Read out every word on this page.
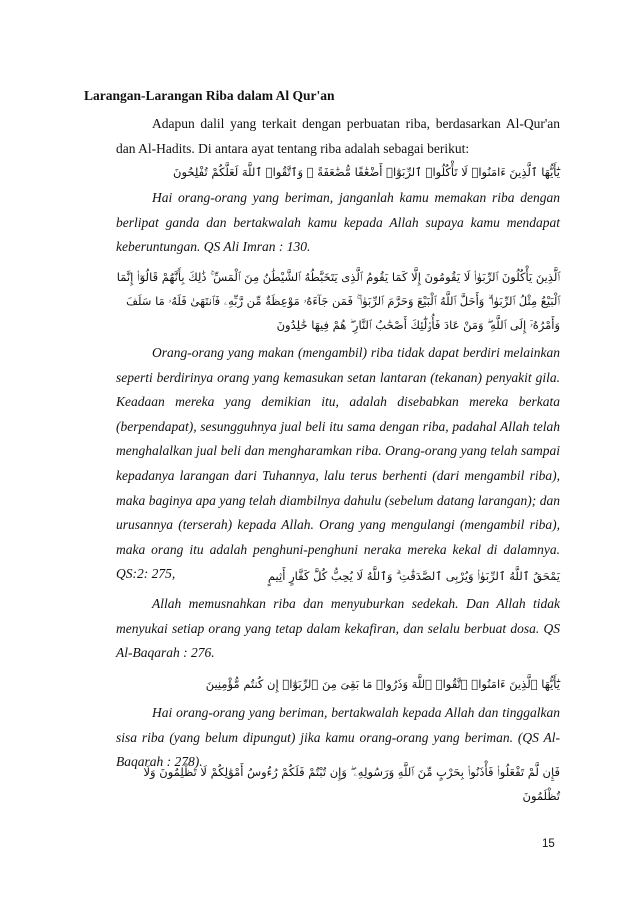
Larangan-Larangan Riba dalam Al Qur'an
Adapun dalil yang terkait dengan perbuatan riba, berdasarkan Al-Qur'an dan Al-Hadits. Di antara ayat tentang riba adalah sebagai berikut:
يَٰٓأَيُّهَا ٱلَّذِينَ ءَامَنُوا۟ لَا تَأْكُلُوا۟ ٱلرِّبَوٰٓا۟ أَضْعَٰفًا مُّضَٰعَفَةً ۖ وَٱتَّقُوا۟ ٱللَّهَ لَعَلَّكُمْ تُفْلِحُونَ
Hai orang-orang yang beriman, janganlah kamu memakan riba dengan berlipat ganda dan bertakwalah kamu kepada Allah supaya kamu mendapat keberuntungan. QS Ali Imran : 130.
ٱلَّذِينَ يَأْكُلُونَ ٱلرِّبَوٰا۟ لَا يَقُومُونَ إِلَّا كَمَا يَقُومُ ٱلَّذِى يَتَخَبَّطُهُ ٱلشَّيْطَٰنُ مِنَ ٱلْمَسِّ ۚ ذَٰلِكَ بِأَنَّهُمْ قَالُوٓا۟ إِنَّمَا ٱلْبَيْعُ مِثْلُ ٱلرِّبَوٰا۟ ۗ وَأَحَلَّ ٱللَّهُ ٱلْبَيْعَ وَحَرَّمَ ٱلرِّبَوٰا۟ ۚ فَمَن جَآءَهُۥ مَوْعِظَةٌ مِّن رَّبِّهِۦ فَٱنتَهَىٰ فَلَهُۥ مَا سَلَفَ وَأَمْرُهُۥٓ إِلَى ٱللَّهِ ۖ وَمَنْ عَادَ فَأُو۟لَٰٓئِكَ أَصْحَٰبُ ٱلنَّارِ ۖ هُمْ فِيهَا خَٰلِدُونَ
Orang-orang yang makan (mengambil) riba tidak dapat berdiri melainkan seperti berdirinya orang yang kemasukan setan lantaran (tekanan) penyakit gila. Keadaan mereka yang demikian itu, adalah disebabkan mereka berkata (berpendapat), sesungguhnya jual beli itu sama dengan riba, padahal Allah telah menghalalkan jual beli dan mengharamkan riba. Orang-orang yang telah sampai kepadanya larangan dari Tuhannya, lalu terus berhenti (dari mengambil riba), maka baginya apa yang telah diambilnya dahulu (sebelum datang larangan); dan urusannya (terserah) kepada Allah. Orang yang mengulangi (mengambil riba), maka orang itu adalah penghuni-penghuni neraka mereka kekal di dalamnya. QS:2: 275,	يَمْحَقُ ٱللَّهُ ٱلرِّبَوٰا۟ وَيُرْبِى ٱلصَّدَقَٰتِ ۗ وَٱللَّهُ لَا يُحِبُّ كُلَّ كَفَّارٍ أَثِيمٍ
Allah memusnahkan riba dan menyuburkan sedekah. Dan Allah tidak menyukai setiap orang yang tetap dalam kekafiran, dan selalu berbuat dosa. QS Al-Baqarah : 276.
يَٰٓأَيُّهَا ٱلَّذِينَ ءَامَنُوا۟ ٱتَّقُوا۟ ٱللَّهَ وَذَرُوا۟ مَا بَقِىَ مِنَ ٱلرِّبَوٰٓا۟ إِن كُنتُم مُّؤْمِنِينَ
Hai orang-orang yang beriman, bertakwalah kepada Allah dan tinggalkan sisa riba (yang belum dipungut) jika kamu orang-orang yang beriman. (QS Al-Baqarah : 278).
فَإِن لَّمْ تَفْعَلُوا۟ فَأْذَنُوا۟ بِحَرْبٍ مِّنَ ٱللَّهِ وَرَسُولِهِۦ ۖ وَإِن تُبْتُمْ فَلَكُمْ رُءُوسُ أَمْوَٰلِكُمْ لَا تَظْلِمُونَ وَلَا تُظْلَمُونَ
15
